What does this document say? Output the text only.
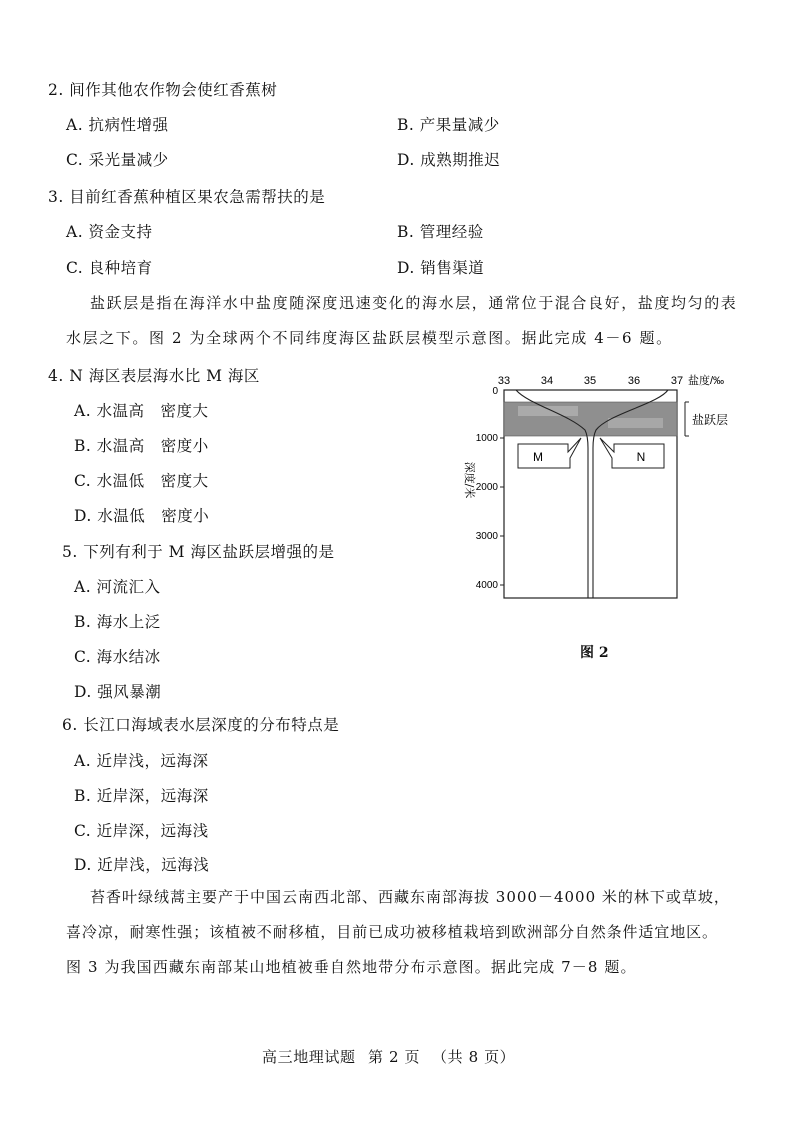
2. 间作其他农作物会使红香蕉树
A. 抗病性增强	B. 产果量减少
C. 采光量减少	D. 成熟期推迟
3. 目前红香蕉种植区果农急需帮扶的是
A. 资金支持	B. 管理经验
C. 良种培育	D. 销售渠道
盐跃层是指在海洋水中盐度随深度迅速变化的海水层，通常位于混合良好，盐度均匀的表
水层之下。图 2 为全球两个不同纬度海区盐跃层模型示意图。据此完成 4－6 题。
4. N 海区表层海水比 M 海区
A. 水温高　密度大
B. 水温高　密度小
C. 水温低　密度大
D. 水温低　密度小
5. 下列有利于 M 海区盐跃层增强的是
A. 河流汇入
B. 海水上泛
C. 海水结冰
D. 强风暴潮
6. 长江口海域表水层深度的分布特点是
A. 近岸浅，远海深
B. 近岸深，远海深
C. 近岸深，远海浅
D. 近岸浅，远海浅
苔香叶绿绒蒿主要产于中国云南西北部、西藏东南部海拔 3000－4000 米的林下或草坡，
喜冷凉，耐寒性强；该植被不耐移植，目前已成功被移植栽培到欧洲部分自然条件适宜地区。
图 3 为我国西藏东南部某山地植被垂自然地带分布示意图。据此完成 7－8 题。
33	34	35	36	37 盐度/‰
盐跃层
0
1000
2000
3000
4000
深度/米
M	N
图 2
高三地理试题 第 2 页 （共 8 页）
